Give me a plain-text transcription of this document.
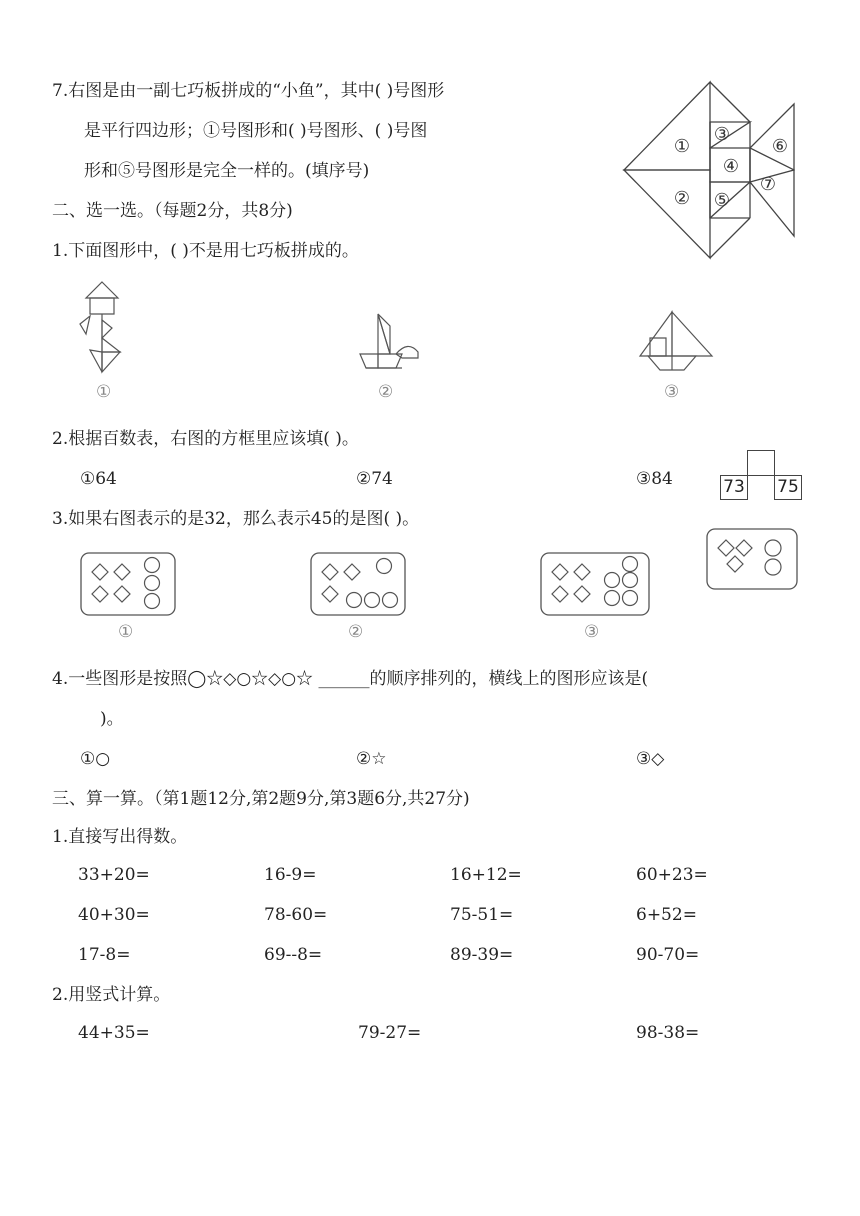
7.右图是由一副七巧板拼成的“小鱼”，其中( )号图形
是平行四边形；①号图形和( )号图形、( )号图
形和⑤号图形是完全一样的。(填序号)
①
②
③
④
⑤
⑥
⑦
二、选一选。（每题2分，共8分)
1.下面图形中，( )不是用七巧板拼成的。
①	②	③
2.根据百数表，右图的方框里应该填( )。
①64	②74	③84	73 75
3.如果右图表示的是32，那么表示45的是图( )。
①	②	③
4.一些图形是按照◯☆◇○☆◇○☆ ______的顺序排列的，横线上的图形应该是(
)。
①○	②☆	③◇
三、算一算。（第1题12分,第2题9分,第3题6分,共27分)
1.直接写出得数。
33+20=	16-9=	16+12=	60+23=
40+30=	78-60=	75-51=	6+52=
17-8=	69--8=	89-39=	90-70=
2.用竖式计算。
44+35=	79-27=	98-38=
